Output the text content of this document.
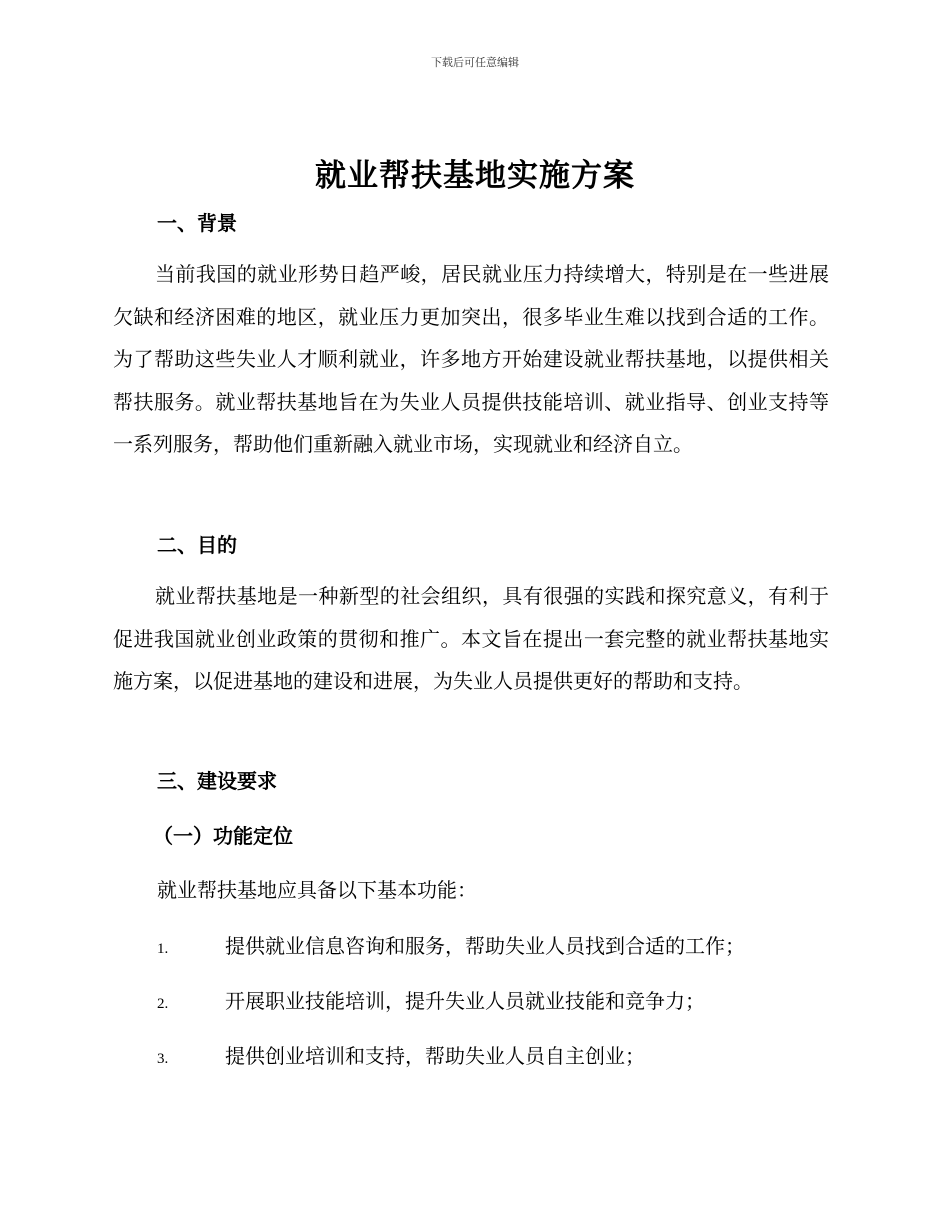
下载后可任意编辑
就业帮扶基地实施方案
一、背景
当前我国的就业形势日趋严峻，居民就业压力持续增大，特别是在一些进展欠缺和经济困难的地区，就业压力更加突出，很多毕业生难以找到合适的工作。为了帮助这些失业人才顺利就业，许多地方开始建设就业帮扶基地，以提供相关帮扶服务。就业帮扶基地旨在为失业人员提供技能培训、就业指导、创业支持等一系列服务，帮助他们重新融入就业市场，实现就业和经济自立。
二、目的
就业帮扶基地是一种新型的社会组织，具有很强的实践和探究意义，有利于促进我国就业创业政策的贯彻和推广。本文旨在提出一套完整的就业帮扶基地实施方案，以促进基地的建设和进展，为失业人员提供更好的帮助和支持。
三、建设要求
（一）功能定位
就业帮扶基地应具备以下基本功能：
1.	提供就业信息咨询和服务，帮助失业人员找到合适的工作；
2.	开展职业技能培训，提升失业人员就业技能和竞争力；
3.	提供创业培训和支持，帮助失业人员自主创业；
